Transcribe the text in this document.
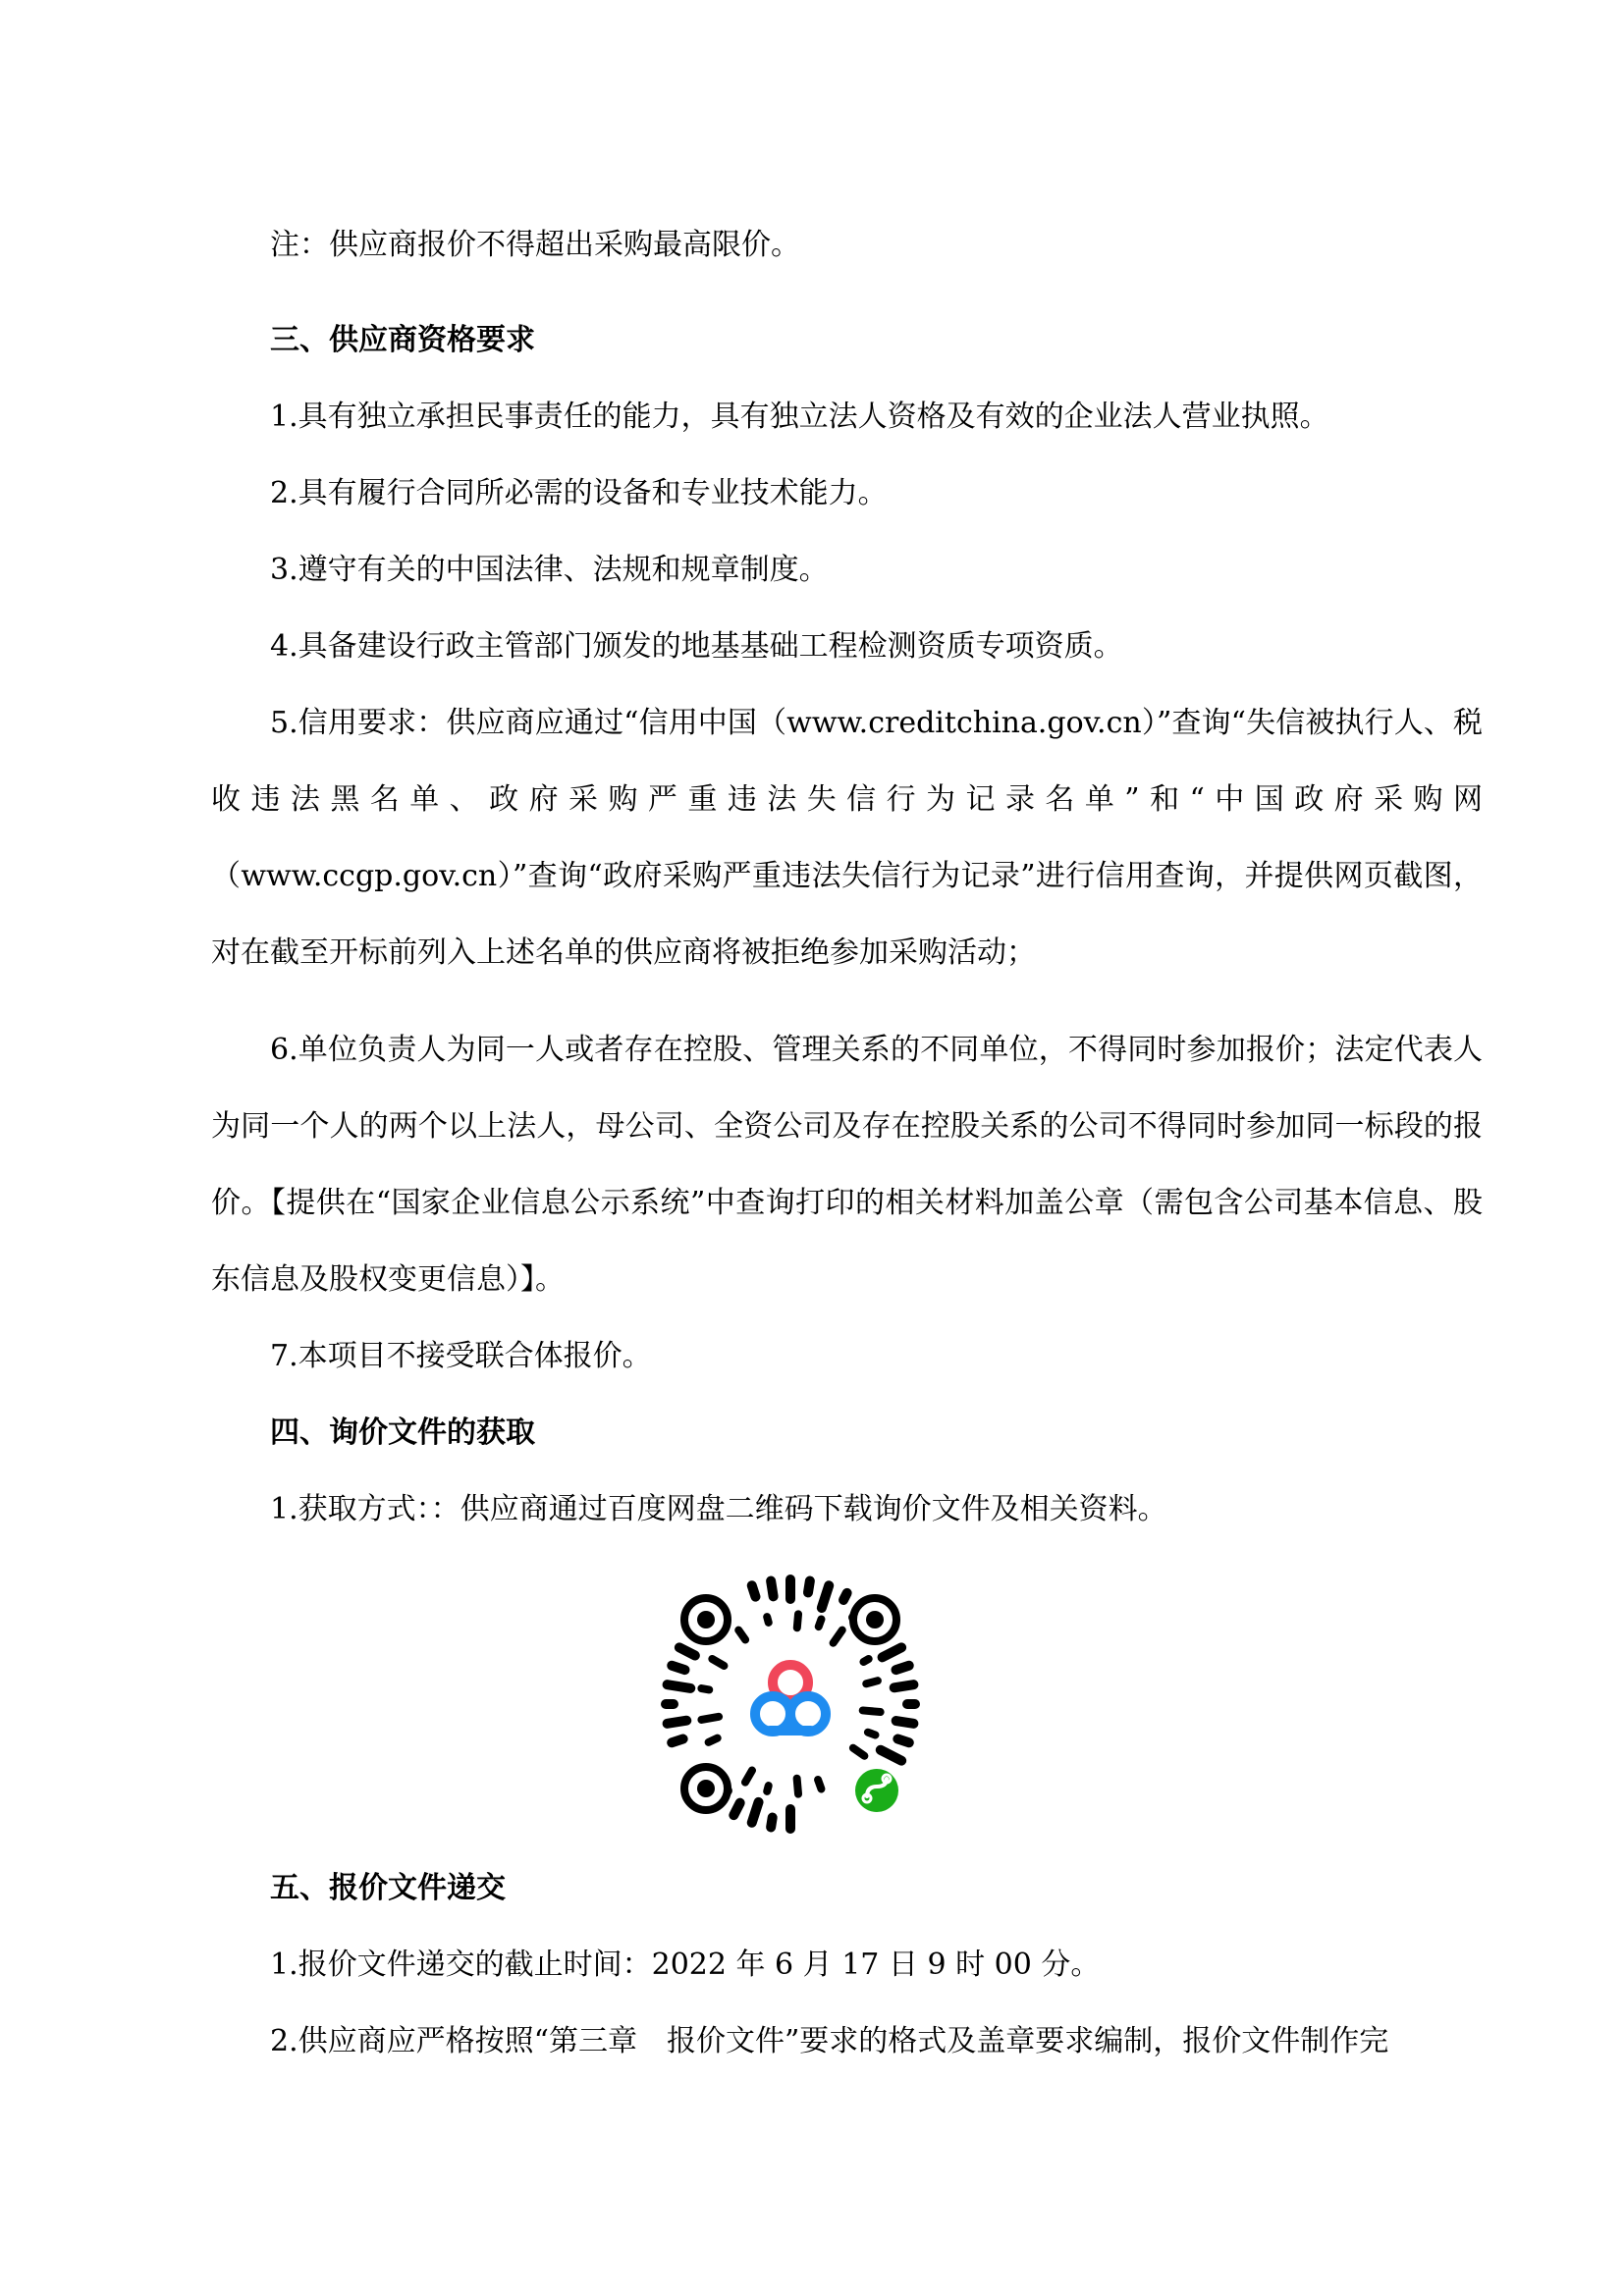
注：供应商报价不得超出采购最高限价。

三、供应商资格要求

1.具有独立承担民事责任的能力，具有独立法人资格及有效的企业法人营业执照。

2.具有履行合同所必需的设备和专业技术能力。

3.遵守有关的中国法律、法规和规章制度。

4.具备建设行政主管部门颁发的地基基础工程检测资质专项资质。

5.信用要求：供应商应通过“信用中国（www.creditchina.gov.cn）”查询“失信被执行人、税收违法黑名单、政府采购严重违法失信行为记录名单”和“中国政府采购网（www.ccgp.gov.cn）”查询“政府采购严重违法失信行为记录”进行信用查询，并提供网页截图，对在截至开标前列入上述名单的供应商将被拒绝参加采购活动；

6.单位负责人为同一人或者存在控股、管理关系的不同单位，不得同时参加报价；法定代表人为同一个人的两个以上法人，母公司、全资公司及存在控股关系的公司不得同时参加同一标段的报价。【提供在“国家企业信息公示系统”中查询打印的相关材料加盖公章（需包含公司基本信息、股东信息及股权变更信息）】。

7.本项目不接受联合体报价。

四、询价文件的获取

1.获取方式：：供应商通过百度网盘二维码下载询价文件及相关资料。

五、报价文件递交

1.报价文件递交的截止时间：2022 年 6 月 17 日 9 时 00 分。

2.供应商应严格按照“第三章　报价文件”要求的格式及盖章要求编制，报价文件制作完
